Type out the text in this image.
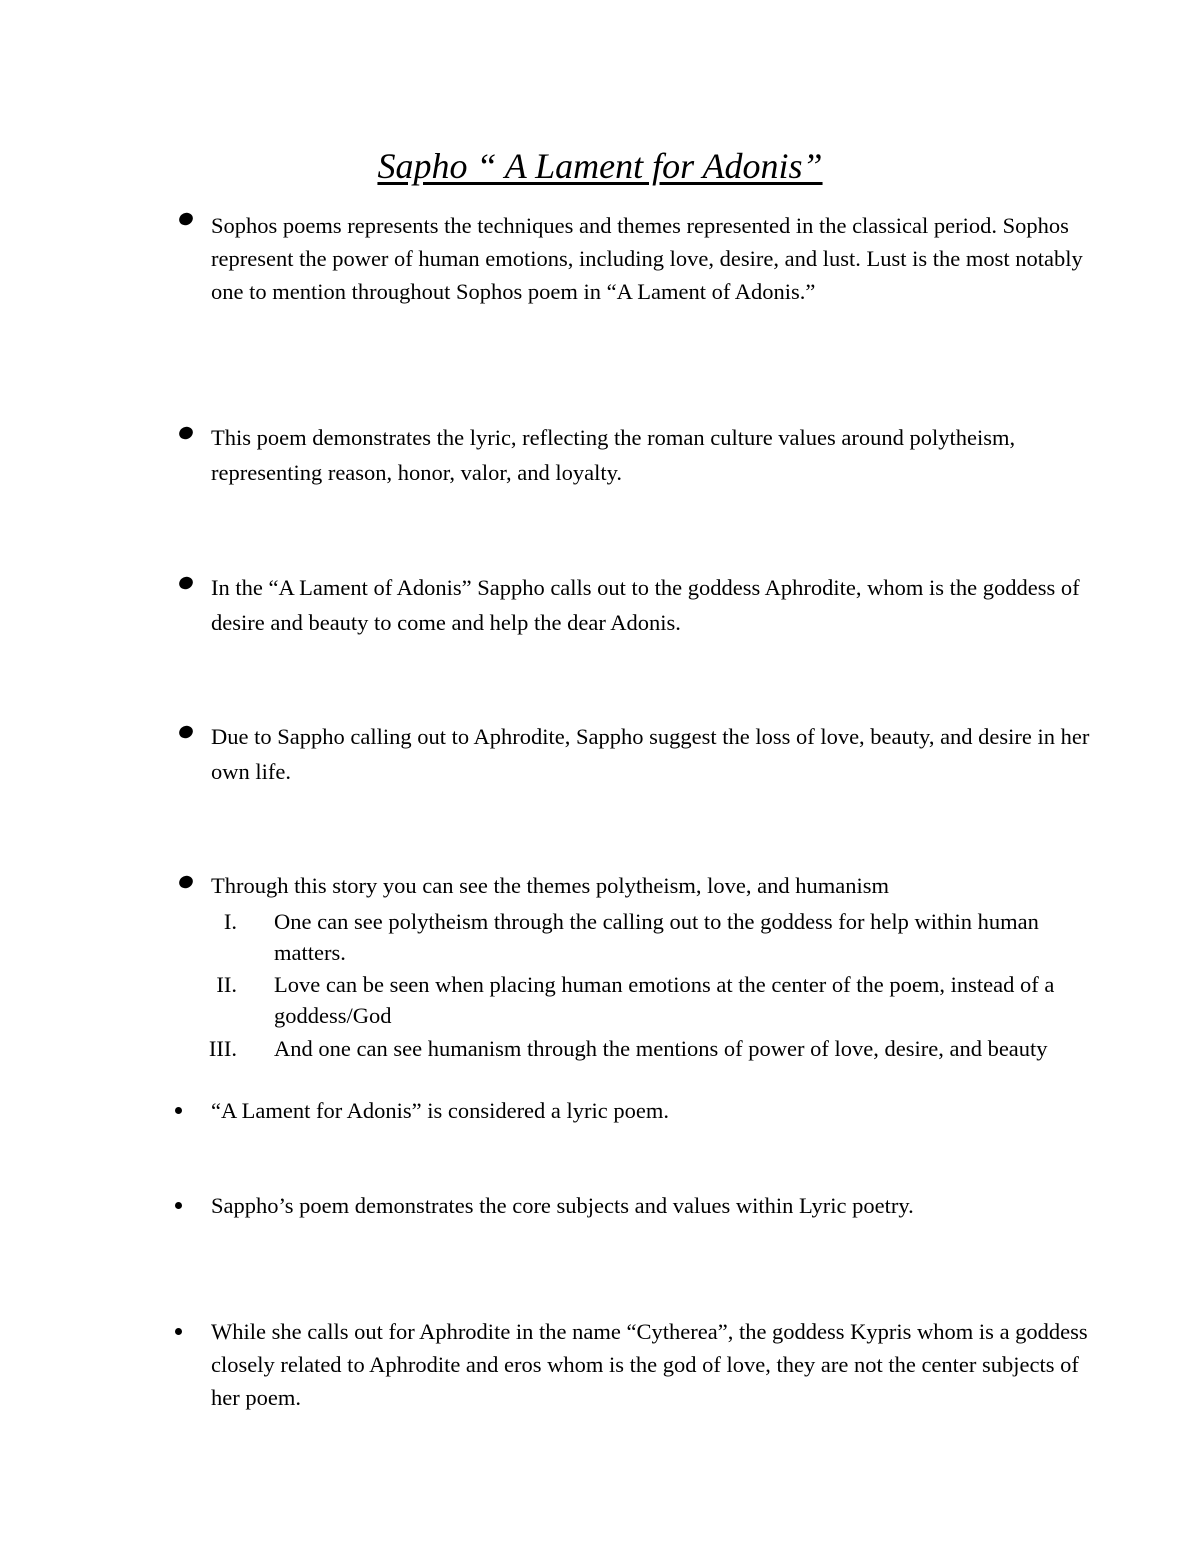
Sapho “ A Lament for Adonis”
Sophos poems represents the techniques and themes represented in the classical period. Sophos represent the power of human emotions, including love, desire, and lust. Lust is the most notably one to mention throughout Sophos poem in “A Lament of Adonis.”
This poem demonstrates the lyric, reflecting the roman culture values around polytheism, representing reason, honor, valor, and loyalty.
In the “A Lament of Adonis” Sappho calls out to the goddess Aphrodite, whom is the goddess of desire and beauty to come and help the dear Adonis.
Due to Sappho calling out to Aphrodite, Sappho suggest the loss of love, beauty, and desire in her own life.
Through this story you can see the themes polytheism, love, and humanism
I. One can see polytheism through the calling out to the goddess for help within human matters.
II. Love can be seen when placing human emotions at the center of the poem, instead of a goddess/God
III. And one can see humanism through the mentions of power of love, desire, and beauty
“A Lament for Adonis” is considered a lyric poem.
Sappho’s poem demonstrates the core subjects and values within Lyric poetry.
While she calls out for Aphrodite in the name “Cytherea”, the goddess Kypris whom is a goddess closely related to Aphrodite and eros whom is the god of love, they are not the center subjects of her poem.
